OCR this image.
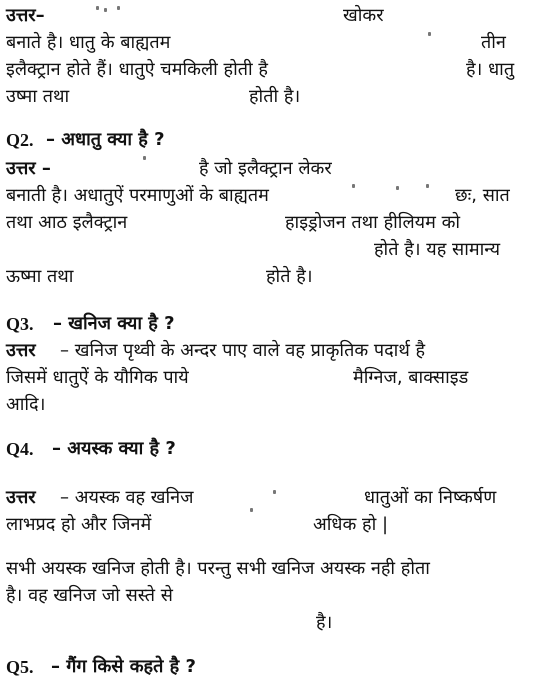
उत्तर–	खोकर
बनाते है। धातु के बाह्यतम	तीन
इलैक्ट्रान होते हैं। धातुऐ चमकिली होती है	है। धातु
उष्मा तथा	होती है।
Q2. – अधातु क्या है ?
उत्तर –	है जो इलैक्ट्रान लेकर
बनाती है। अधातुऐं परमाणुओं के बाह्यतम	छः, सात
तथा आठ इलैक्ट्रान	हाइड्रोजन तथा हीलियम को
होते है। यह सामान्य
ऊष्मा तथा	होते है।
Q3. – खनिज क्या है ?
उत्तर – खनिज पृथ्वी के अन्दर पाए वाले वह प्राकृतिक पदार्थ है
जिसमें धातुऐें के यौगिक पाये	मैग्निज, बाक्साइड
आदि।
Q4. – अयस्क क्या है ?
उत्तर – अयस्क वह खनिज	धातुओं का निष्कर्षण
लाभप्रद हो और जिनमें	अधिक हो |
सभी अयस्क खनिज होती है। परन्तु सभी खनिज अयस्क नही होता
है। वह खनिज जो सस्ते से
है।
Q5. – गैंग किसे कहते है ?
